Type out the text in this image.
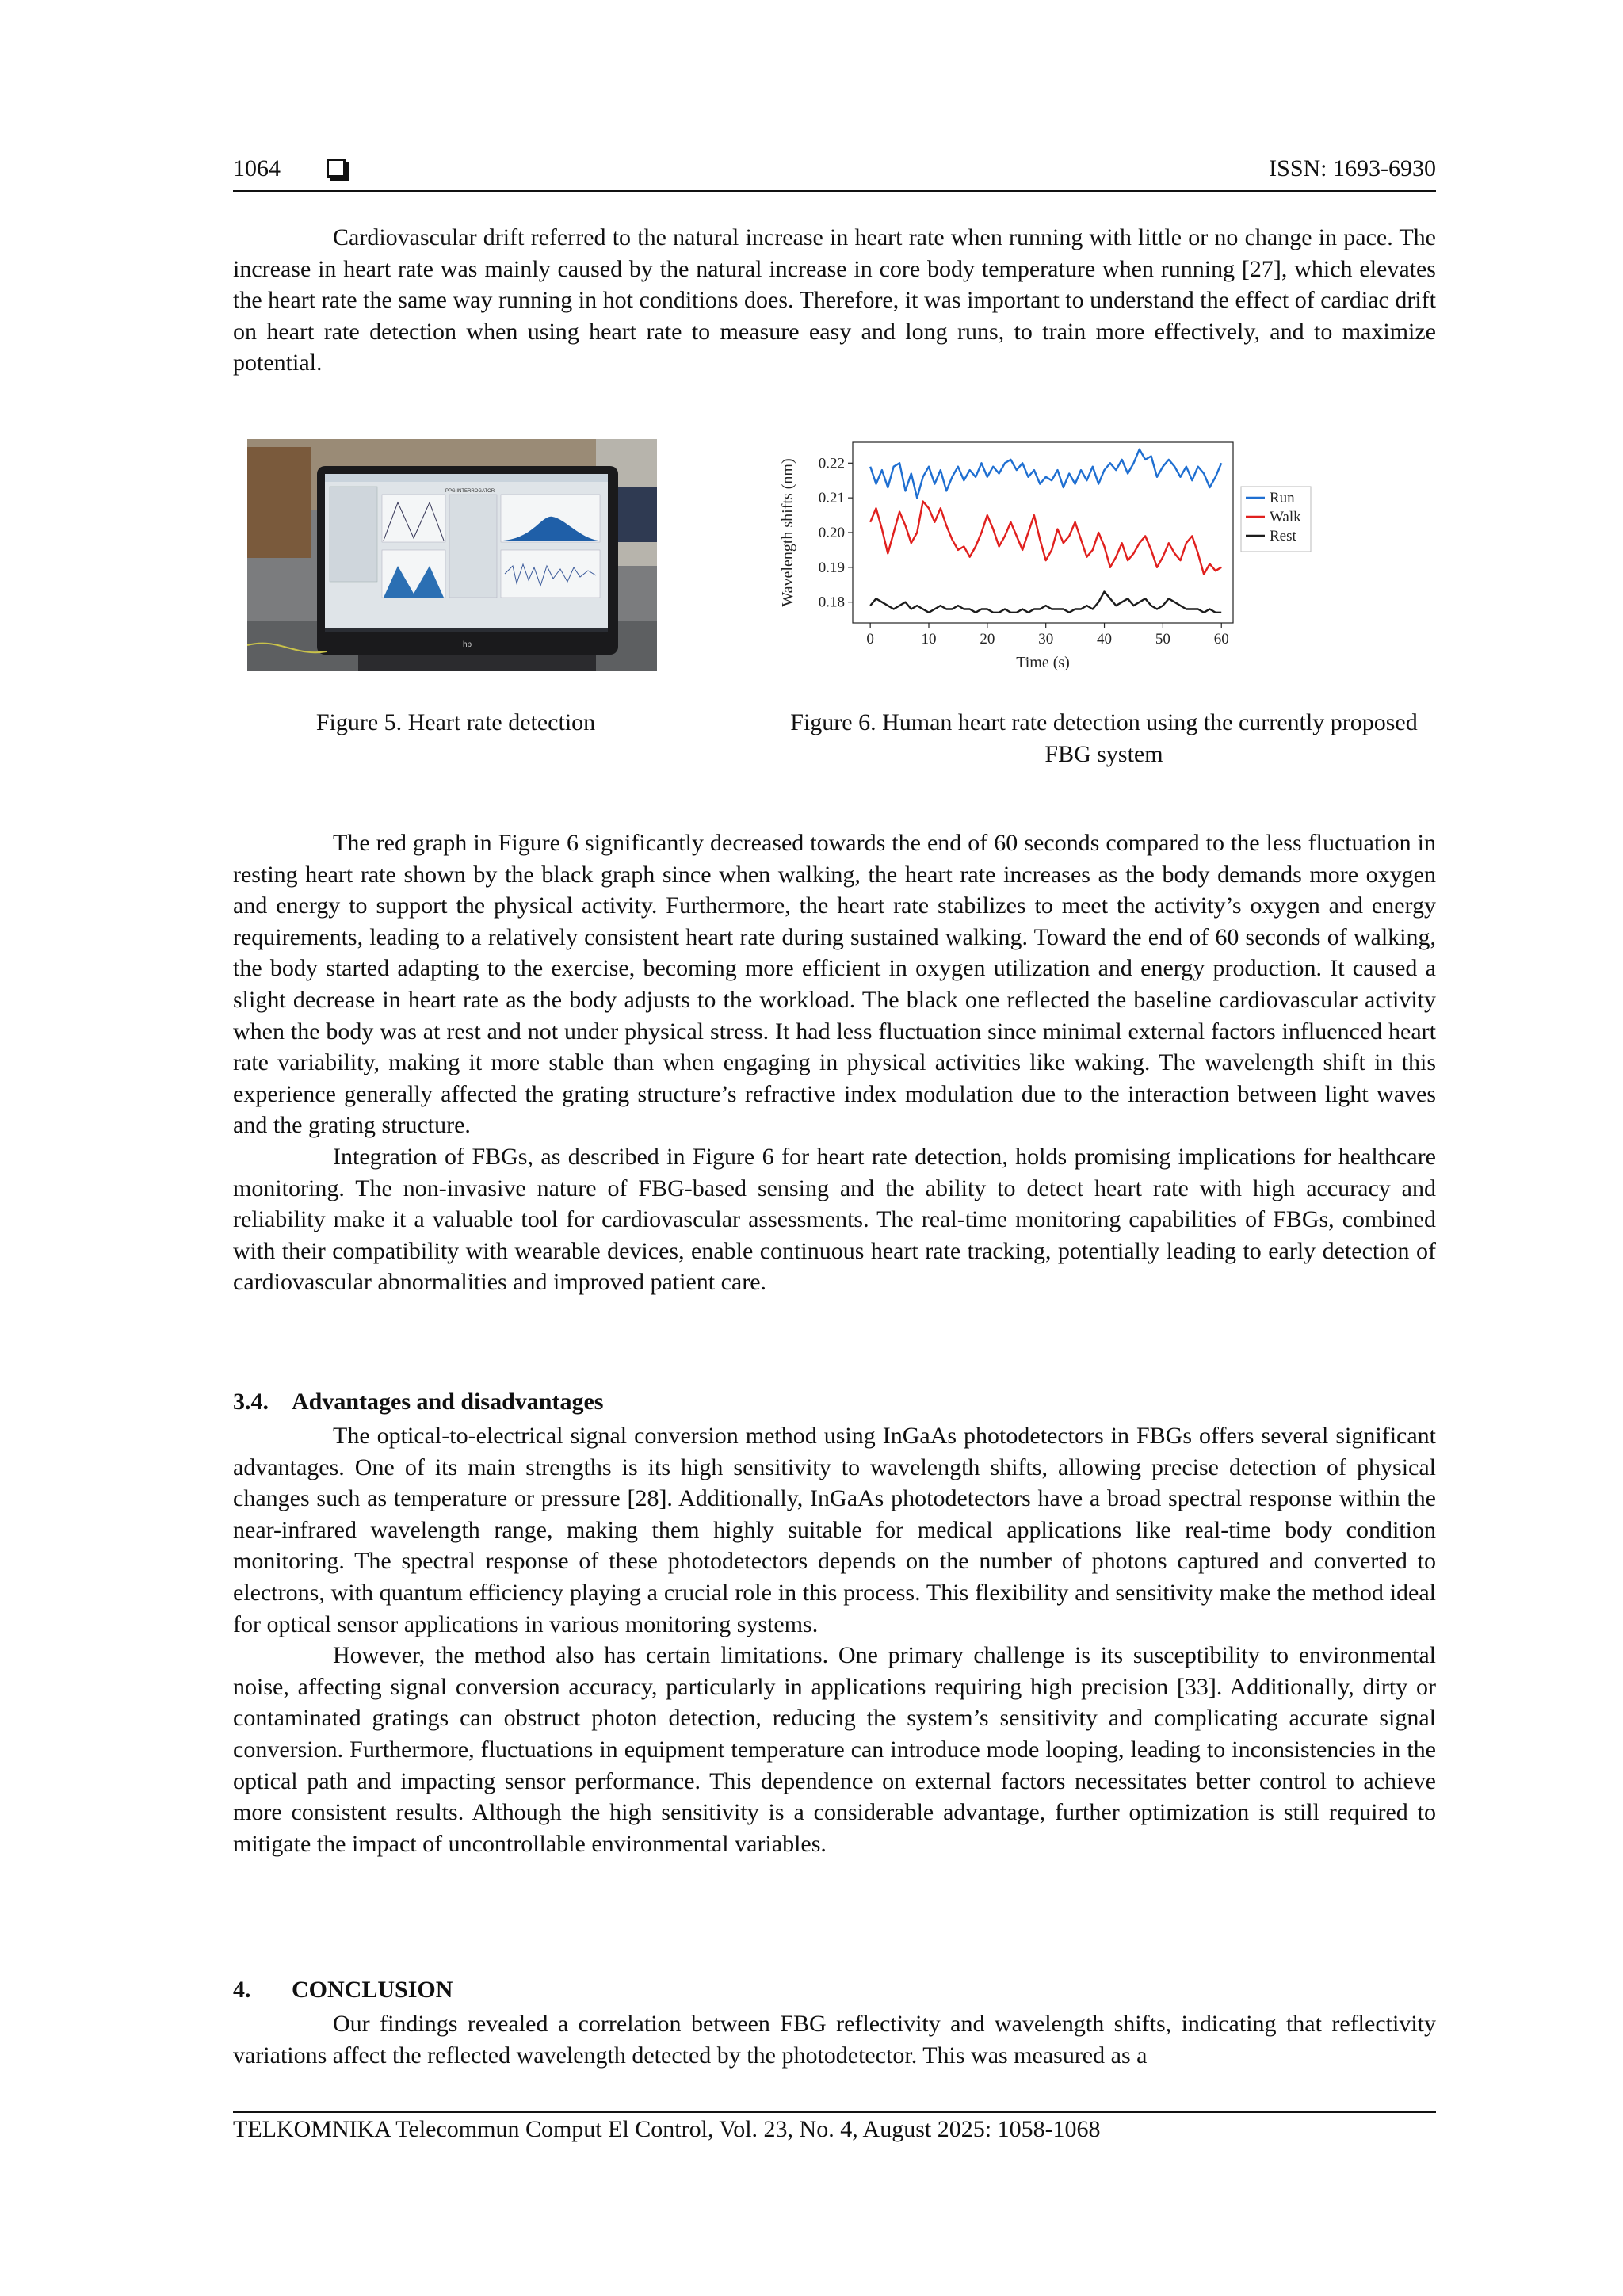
1064	ISSN: 1693-6930

Cardiovascular drift referred to the natural increase in heart rate when running with little or no change in pace. The increase in heart rate was mainly caused by the natural increase in core body temperature when running [27], which elevates the heart rate the same way running in hot conditions does. Therefore, it was important to understand the effect of cardiac drift on heart rate detection when using heart rate to measure easy and long runs, to train more effectively, and to maximize potential.

PPG INTERROGATOR
hp	0	10	20	30	40	50	60
0.18
0.19
0.20
0.21
0.22
Time (s)
Wavelength shifts (nm)	Run
Walk
Rest
Figure 5. Heart rate detection	Figure 6. Human heart rate detection using the currently proposed
FBG system

The red graph in Figure 6 significantly decreased towards the end of 60 seconds compared to the less fluctuation in resting heart rate shown by the black graph since when walking, the heart rate increases as the body demands more oxygen and energy to support the physical activity. Furthermore, the heart rate stabilizes to meet the activity’s oxygen and energy requirements, leading to a relatively consistent heart rate during sustained walking. Toward the end of 60 seconds of walking, the body started adapting to the exercise, becoming more efficient in oxygen utilization and energy production. It caused a slight decrease in heart rate as the body adjusts to the workload. The black one reflected the baseline cardiovascular activity when the body was at rest and not under physical stress. It had less fluctuation since minimal external factors influenced heart rate variability, making it more stable than when engaging in physical activities like waking. The wavelength shift in this experience generally affected the grating structure’s refractive index modulation due to the interaction between light waves and the grating structure.

Integration of FBGs, as described in Figure 6 for heart rate detection, holds promising implications for healthcare monitoring. The non-invasive nature of FBG-based sensing and the ability to detect heart rate with high accuracy and reliability make it a valuable tool for cardiovascular assessments. The real-time monitoring capabilities of FBGs, combined with their compatibility with wearable devices, enable continuous heart rate tracking, potentially leading to early detection of cardiovascular abnormalities and improved patient care.

3.4. Advantages and disadvantages

The optical-to-electrical signal conversion method using InGaAs photodetectors in FBGs offers several significant advantages. One of its main strengths is its high sensitivity to wavelength shifts, allowing precise detection of physical changes such as temperature or pressure [28]. Additionally, InGaAs photodetectors have a broad spectral response within the near-infrared wavelength range, making them highly suitable for medical applications like real-time body condition monitoring. The spectral response of these photodetectors depends on the number of photons captured and converted to electrons, with quantum efficiency playing a crucial role in this process. This flexibility and sensitivity make the method ideal for optical sensor applications in various monitoring systems.

However, the method also has certain limitations. One primary challenge is its susceptibility to environmental noise, affecting signal conversion accuracy, particularly in applications requiring high precision [33]. Additionally, dirty or contaminated gratings can obstruct photon detection, reducing the system’s sensitivity and complicating accurate signal conversion. Furthermore, fluctuations in equipment temperature can introduce mode looping, leading to inconsistencies in the optical path and impacting sensor performance. This dependence on external factors necessitates better control to achieve more consistent results. Although the high sensitivity is a considerable advantage, further optimization is still required to mitigate the impact of uncontrollable environmental variables.

4. CONCLUSION

Our findings revealed a correlation between FBG reflectivity and wavelength shifts, indicating that reflectivity variations affect the reflected wavelength detected by the photodetector. This was measured as a

TELKOMNIKA Telecommun Comput El Control, Vol. 23, No. 4, August 2025: 1058-1068
